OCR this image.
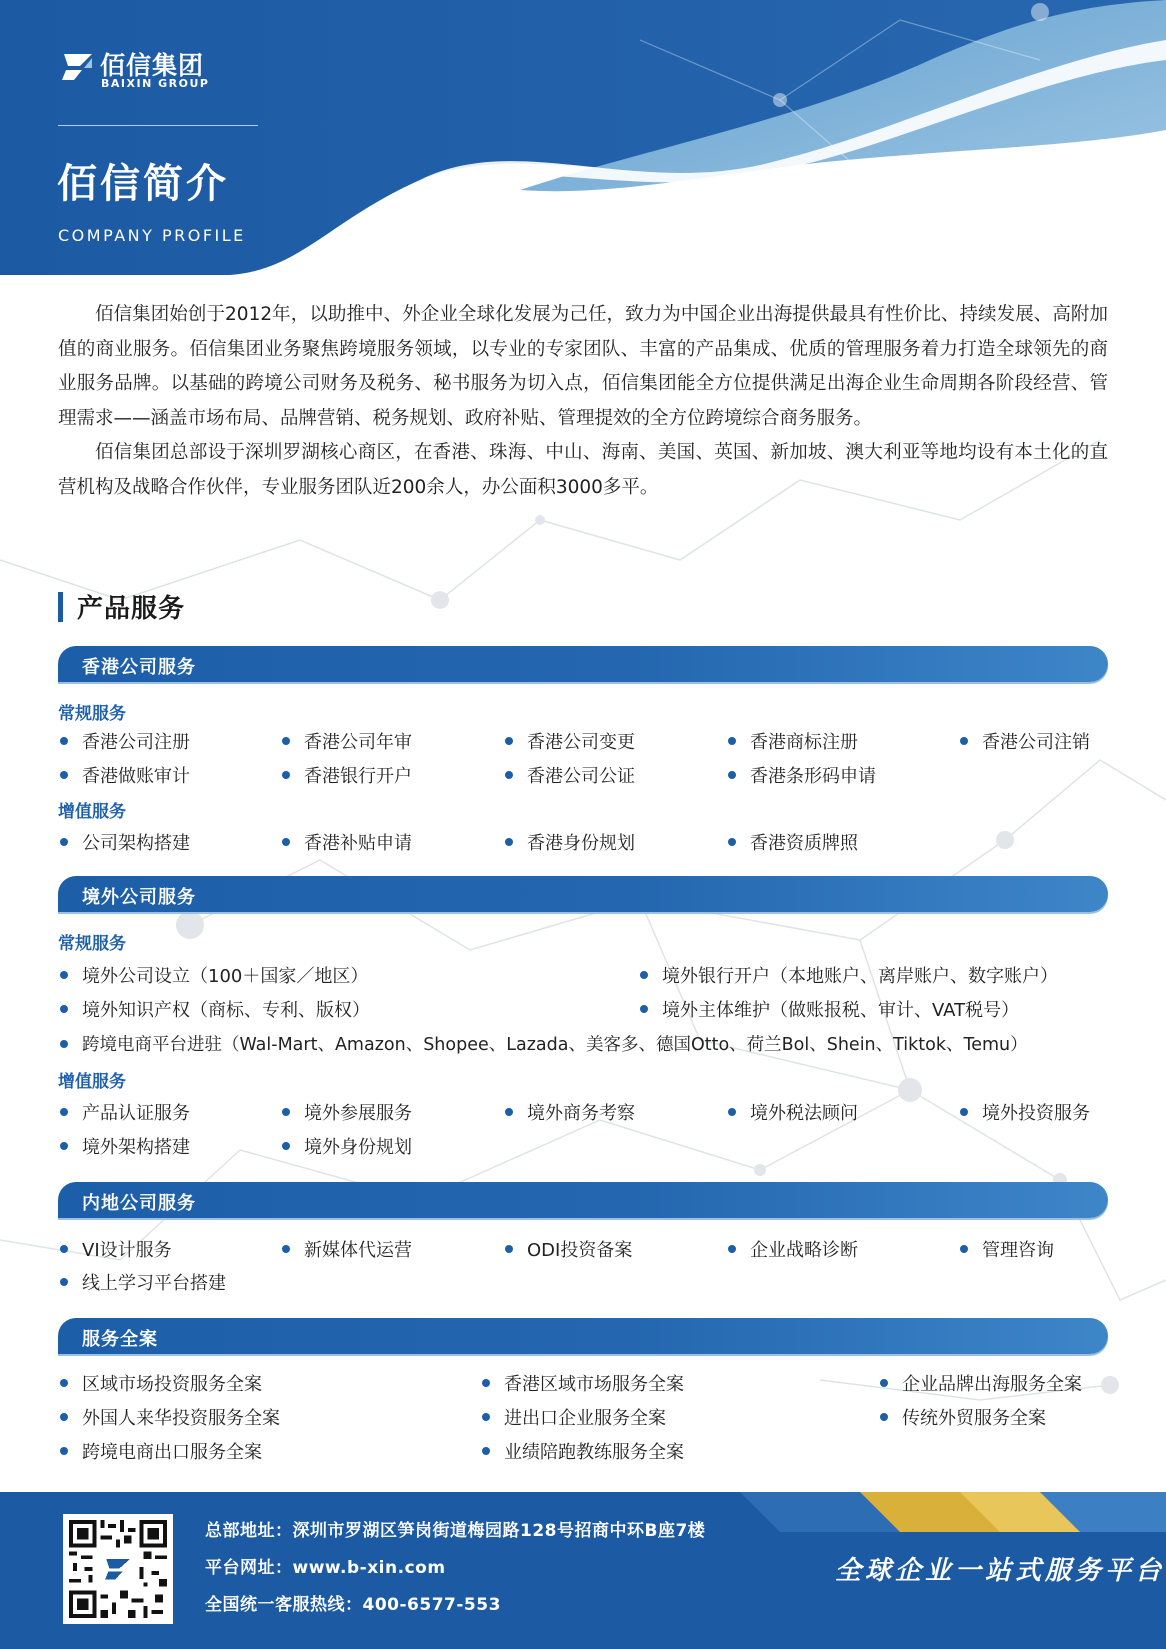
佰信集团
BAIXIN GROUP
佰信简介
COMPANY PROFILE

佰信集团始创于2012年，以助推中、外企业全球化发展为己任，致力为中国企业出海提供最具有性价比、持续发展、高附加值的商业服务。佰信集团业务聚焦跨境服务领域，以专业的专家团队、丰富的产品集成、优质的管理服务着力打造全球领先的商业服务品牌。以基础的跨境公司财务及税务、秘书服务为切入点，佰信集团能全方位提供满足出海企业生命周期各阶段经营、管理需求——涵盖市场布局、品牌营销、税务规划、政府补贴、管理提效的全方位跨境综合商务服务。

佰信集团总部设于深圳罗湖核心商区，在香港、珠海、中山、海南、美国、英国、新加坡、澳大利亚等地均设有本土化的直营机构及战略合作伙伴，专业服务团队近200余人，办公面积3000多平。

产品服务
香港公司服务
常规服务
香港公司注册	香港公司年审	香港公司变更	香港商标注册	香港公司注销
香港做账审计	香港银行开户	香港公司公证	香港条形码申请
增值服务
公司架构搭建	香港补贴申请	香港身份规划	香港资质牌照
境外公司服务
常规服务
境外公司设立（100＋国家／地区）	境外银行开户（本地账户、离岸账户、数字账户）
境外知识产权（商标、专利、版权）	境外主体维护（做账报税、审计、VAT税号）
跨境电商平台进驻（Wal-Mart、Amazon、Shopee、Lazada、美客多、德国Otto、荷兰Bol、Shein、Tiktok、Temu）
增值服务
产品认证服务	境外参展服务	境外商务考察	境外税法顾问	境外投资服务
境外架构搭建	境外身份规划
内地公司服务
VI设计服务	新媒体代运营	ODI投资备案	企业战略诊断	管理咨询
线上学习平台搭建
服务全案
区域市场投资服务全案	香港区域市场服务全案	企业品牌出海服务全案
外国人来华投资服务全案	进出口企业服务全案	传统外贸服务全案
跨境电商出口服务全案	业绩陪跑教练服务全案
总部地址：深圳市罗湖区笋岗街道梅园路128号招商中环B座7楼
平台网址：www.b-xin.com
全国统一客服热线：400-6577-553
全球企业一站式服务平台
